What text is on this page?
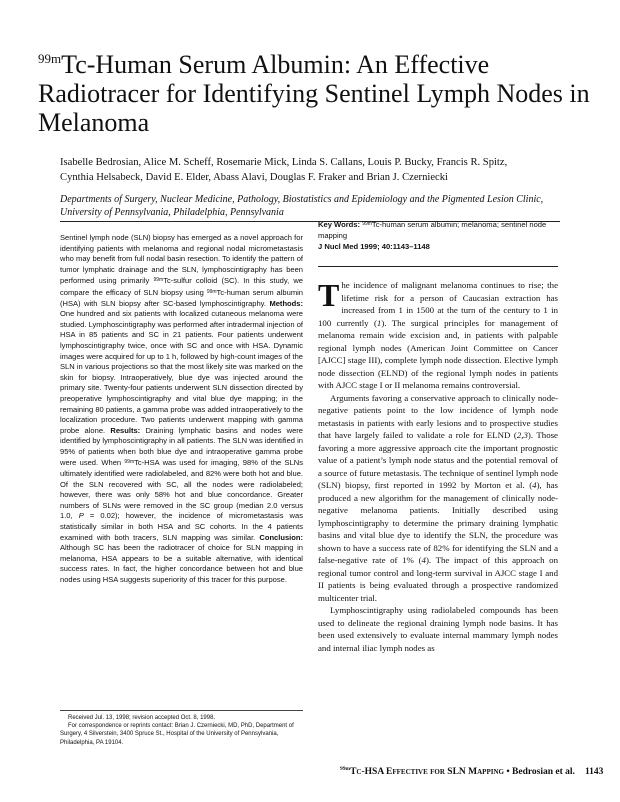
$^{99m}$Tc-Human Serum Albumin: An Effective Radiotracer for Identifying Sentinel Lymph Nodes in Melanoma
Isabelle Bedrosian, Alice M. Scheff, Rosemarie Mick, Linda S. Callans, Louis P. Bucky, Francis R. Spitz,
Cynthia Helsabeck, David E. Elder, Abass Alavi, Douglas F. Fraker and Brian J. Czerniecki
Departments of Surgery, Nuclear Medicine, Pathology, Biostatistics and Epidemiology and the Pigmented Lesion Clinic,
University of Pennsylvania, Philadelphia, Pennsylvania

Sentinel lymph node (SLN) biopsy has emerged as a novel approach for identifying patients with melanoma and regional nodal micrometastasis who may benefit from full nodal basin resection. To identify the pattern of tumor lymphatic drainage and the SLN, lymphoscintigraphy has been performed using primarily $^{99m}$Tc-sulfur colloid (SC). In this study, we compare the efficacy of SLN biopsy using $^{99m}$Tc-human serum albumin (HSA) with SLN biopsy after SC-based lymphoscintigraphy. Methods: One hundred and six patients with localized cutaneous melanoma were studied. Lymphoscintigraphy was performed after intradermal injection of HSA in 85 patients and SC in 21 patients. Four patients underwent lymphoscintigraphy twice, once with SC and once with HSA. Dynamic images were acquired for up to 1 h, followed by high-count images of the SLN in various projections so that the most likely site was marked on the skin for biopsy. Intraoperatively, blue dye was injected around the primary site. Twenty-four patients underwent SLN dissection directed by preoperative lymphoscintigraphy and vital blue dye mapping; in the remaining 80 patients, a gamma probe was added intraoperatively to the localization procedure. Two patients underwent mapping with gamma probe alone. Results: Draining lymphatic basins and nodes were identified by lymphoscintigraphy in all patients. The SLN was identified in 95% of patients when both blue dye and intraoperative gamma probe were used. When $^{99m}$Tc-HSA was used for imaging, 98% of the SLNs ultimately identified were radiolabeled, and 82% were both hot and blue. Of the SLN recovered with SC, all the nodes were radiolabeled; however, there was only 58% hot and blue concordance. Greater numbers of SLNs were removed in the SC group (median 2.0 versus 1.0, P = 0.02); however, the incidence of micrometastasis was statistically similar in both HSA and SC cohorts. In the 4 patients examined with both tracers, SLN mapping was similar. Conclusion: Although SC has been the radiotracer of choice for SLN mapping in melanoma, HSA appears to be a suitable alternative, with identical success rates. In fact, the higher concordance between hot and blue nodes using HSA suggests superiority of this tracer for this purpose.

Key Words: $^{99m}$Tc-human serum albumin; melanoma; sentinel node mapping
J Nucl Med 1999; 40:1143–1148

The incidence of malignant melanoma continues to rise; the lifetime risk for a person of Caucasian extraction has increased from 1 in 1500 at the turn of the century to 1 in 100 currently (1). The surgical principles for management of melanoma remain wide excision and, in patients with palpable regional lymph nodes (American Joint Committee on Cancer [AJCC] stage III), complete lymph node dissection. Elective lymph node dissection (ELND) of the regional lymph nodes in patients with AJCC stage I or II melanoma remains controversial.

Arguments favoring a conservative approach to clinically node-negative patients point to the low incidence of lymph node metastasis in patients with early lesions and to prospective studies that have largely failed to validate a role for ELND (2,3). Those favoring a more aggressive approach cite the important prognostic value of a patient’s lymph node status and the potential removal of a source of future metastasis. The technique of sentinel lymph node (SLN) biopsy, first reported in 1992 by Morton et al. (4), has produced a new algorithm for the management of clinically node-negative melanoma patients. Initially described using lymphoscintigraphy to determine the primary draining lymphatic basins and vital blue dye to identify the SLN, the procedure was shown to have a success rate of 82% for identifying the SLN and a false-negative rate of 1% (4). The impact of this approach on regional tumor control and long-term survival in AJCC stage I and II patients is being evaluated through a prospective randomized multicenter trial.

Lymphoscintigraphy using radiolabeled compounds has been used to delineate the regional draining lymph node basins. It has been used extensively to evaluate internal mammary lymph nodes and internal iliac lymph nodes as

Received Jul. 13, 1998; revision accepted Oct. 8, 1998.

For correspondence or reprints contact: Brian J. Czerniecki, MD, PhD, Department of Surgery, 4 Silverstein, 3400 Spruce St., Hospital of the University of Pennsylvania, Philadelphia, PA 19104.

$^{99m}$Tc-HSA Effective for SLN Mapping • Bedrosian et al. 1143
